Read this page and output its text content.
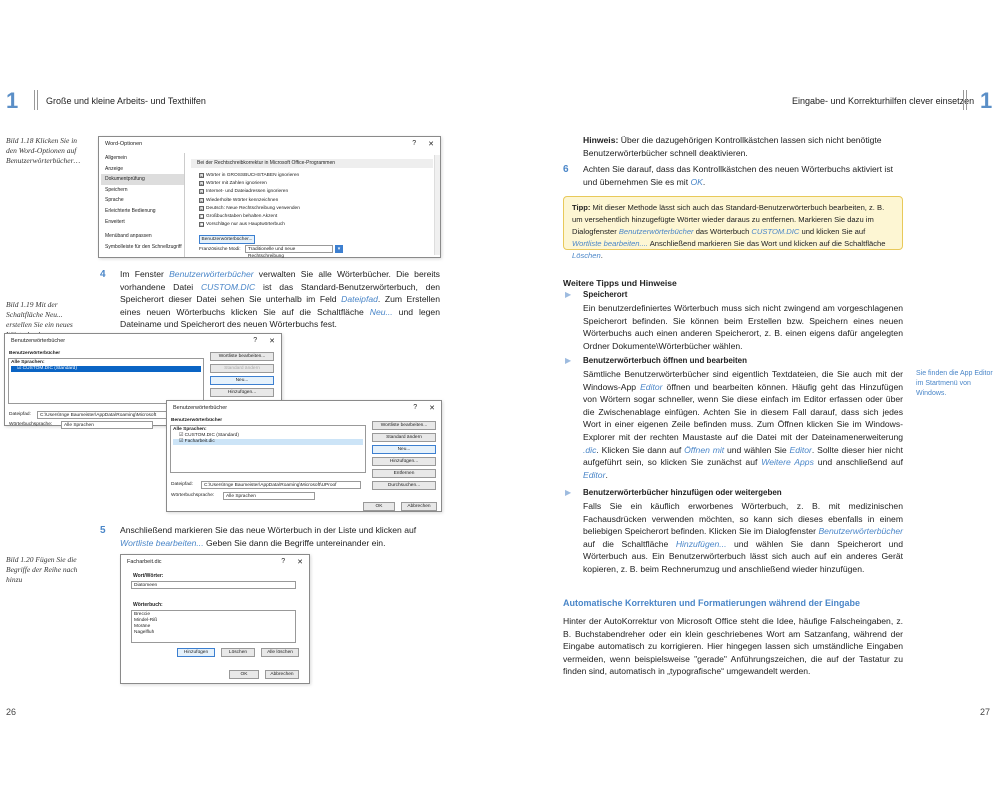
1	Große und kleine Arbeits- und Texthilfen
Bild 1.18 Klicken Sie in den Word-Optionen auf Benutzerwörterbücher…
Word-Optionen	? ✕
Allgemein
Anzeige
Dokumentprüfung
Speichern
Sprache
Erleichterte Bedienung
Erweitert
Menüband anpassen
Symbolleiste für den Schnellzugriff
Bei der Rechtschreibkorrektur in Microsoft Office-Programmen
☑ Wörter in GROSSBUCHSTABEN ignorieren
☑ Wörter mit Zahlen ignorieren
☑ Internet- und Dateiadressen ignorieren
☑ Wiederholte Wörter kennzeichnen
☑ Deutsch: Neue Rechtschreibung verwenden
☐ Großbuchstaben behalten Akzent
☐ Vorschläge nur aus Hauptwörterbuch
Benutzerwörterbücher...
Französische Modi:	Traditionelle und neue Rechtschreibung
▾
4 Im Fenster Benutzerwörterbücher verwalten Sie alle Wörterbücher. Die bereits vorhandene Datei CUSTOM.DIC ist das Standard-Benutzerwörterbuch, den Speicherort dieser Datei sehen Sie unterhalb im Feld Dateipfad. Zum Erstellen eines neuen Wörterbuchs klicken Sie auf die Schaltfläche Neu... und legen Dateiname und Speicherort des neuen Wörterbuchs fest.
Bild 1.19 Mit der Schaltfläche Neu... erstellen Sie ein neues
Benutzerwörterbücher	? ✕
Benutzerwörterbücher
Alle Sprachen:
☑ CUSTOM.DIC (Standard)
Wortliste bearbeiten...
Standard ändern
Neu...
Hinzufügen...
Dateipfad:	C:\Users\Inge Baumeister\AppData\Roaming\Microsoft
Wörterbuchsprache:	Alle Sprachen
Benutzerwörterbücher	? ✕
Benutzerwörterbücher
Alle Sprachen:
☑ CUSTOM.DIC (Standard)
☑ Facharbeit.dic
Wortliste bearbeiten...
Standard ändern
Neu...
Hinzufügen...
Entfernen
Dateipfad:	C:\Users\Inge Baumeister\AppData\Roaming\Microsoft\UProof	Durchsuchen...
Wörterbuchsprache:	Alle Sprachen
OK	Abbrechen
5 Anschließend markieren Sie das neue Wörterbuch in der Liste und klicken auf Wortliste bearbeiten... Geben Sie dann die Begriffe untereinander ein.
Bild 1.20 Fügen Sie die Begriffe der Reihe nach hinzu
Facharbeit.dic	? ✕
Wort/Wörter:
Diatomeen
Wörterbuch:
Breccie
Mindel-Riß
Moräne
Nagelfluh
Hinzufügen	Löschen	Alle löschen
OK	Abbrechen
26
Eingabe- und Korrekturhilfen clever einsetzen 1
Hinweis: Über die dazugehörigen Kontrollkästchen lassen sich nicht benötigte Benutzerwörterbücher schnell deaktivieren.
6 Achten Sie darauf, dass das Kontrollkästchen des neuen Wörterbuchs aktiviert ist und übernehmen Sie es mit OK.
Tipp: Mit dieser Methode lässt sich auch das Standard-Benutzerwörterbuch bearbeiten, z. B. um versehentlich hinzugefügte Wörter wieder daraus zu entfernen. Markieren Sie dazu im Dialogfenster Benutzerwörterbücher das Wörterbuch CUSTOM.DIC und klicken Sie auf Wortliste bearbeiten.... Anschließend markieren Sie das Wort und klicken auf die Schaltfläche Löschen.
Weitere Tipps und Hinweise
▶ Speicherort
Ein benutzerdefiniertes Wörterbuch muss sich nicht zwingend am vorgeschlagenen Speicherort befinden. Sie können beim Erstellen bzw. Speichern eines neuen Wörterbuchs auch einen anderen Speicherort, z. B. einen eigens dafür angelegten Ordner Dokumente\Wörterbücher wählen.
▶ Benutzerwörterbuch öffnen und bearbeiten
Sämtliche Benutzerwörterbücher sind eigentlich Textdateien, die Sie auch mit der Windows-App Editor öffnen und bearbeiten können. Häufig geht das Hinzufügen von Wörtern sogar schneller, wenn Sie diese einfach im Editor erfassen oder über die Zwischenablage einfügen. Achten Sie in diesem Fall darauf, dass sich jedes Wort in einer eigenen Zeile befinden muss. Zum Öffnen klicken Sie im Windows-Explorer mit der rechten Maustaste auf die Datei mit der Dateinamenerweiterung .dic. Klicken Sie dann auf Öffnen mit und wählen Sie Editor. Sollte dieser hier nicht aufgeführt sein, so klicken Sie zunächst auf Weitere Apps und anschließend auf Editor.
Sie finden die App Editor im Startmenü von Windows.
▶ Benutzerwörterbücher hinzufügen oder weitergeben
Falls Sie ein käuflich erworbenes Wörterbuch, z. B. mit medizinischen Fachausdrücken verwenden möchten, so kann sich dieses ebenfalls in einem beliebigen Speicherort befinden. Klicken Sie im Dialogfenster Benutzerwörterbücher auf die Schaltfläche Hinzufügen... und wählen Sie dann Speicherort und Wörterbuch aus. Ein Benutzerwörterbuch lässt sich auch auf ein anderes Gerät kopieren, z. B. beim Rechnerumzug und anschließend wieder hinzufügen.
Automatische Korrekturen und Formatierungen während der Eingabe
Hinter der AutoKorrektur von Microsoft Office steht die Idee, häufige Falscheingaben, z. B. Buchstabendreher oder ein klein geschriebenes Wort am Satzanfang, während der Eingabe automatisch zu korrigieren. Hier hingegen lassen sich umständliche Eingaben vermeiden, wenn beispielsweise "gerade" Anführungszeichen, die auf der Tastatur zu finden sind, automatisch in „typografische“ umgewandelt werden.
27
